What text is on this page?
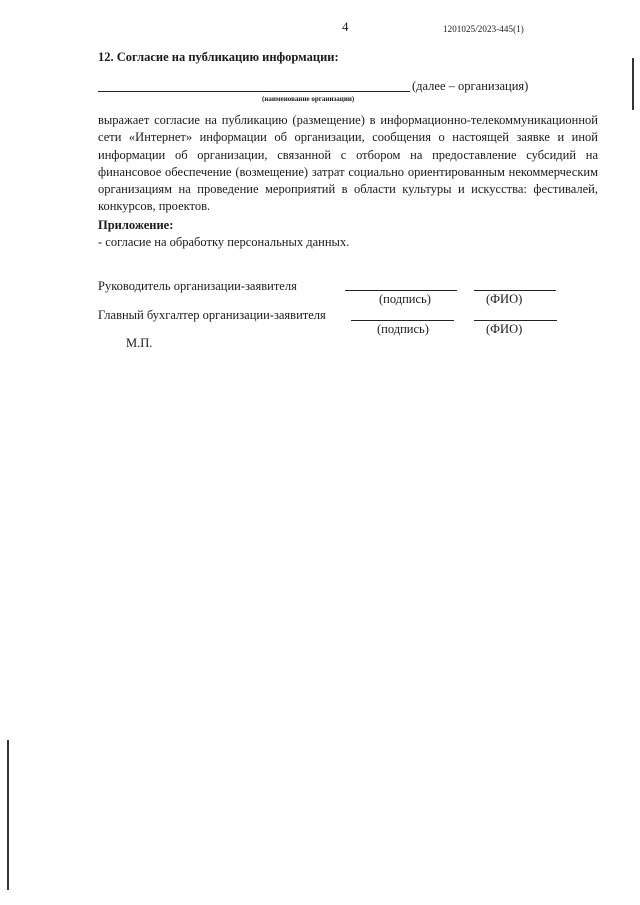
4	1201025/2023-445(1)
12. Согласие на публикацию информации:
(далее – организация)
(наименование организации)
выражает согласие на публикацию (размещение) в информационно-телекоммуникационной сети «Интернет» информации об организации, сообщения о настоящей заявке и иной информации об организации, связанной с отбором на предоставление субсидий на финансовое обеспечение (возмещение) затрат социально ориентированным некоммерческим организациям на проведение мероприятий в области культуры и искусства: фестивалей, конкурсов, проектов.
Приложение:
- согласие на обработку персональных данных.
Руководитель организации-заявителя
(подпись)	(ФИО)
Главный бухгалтер организации-заявителя
(подпись)	(ФИО)
М.П.
